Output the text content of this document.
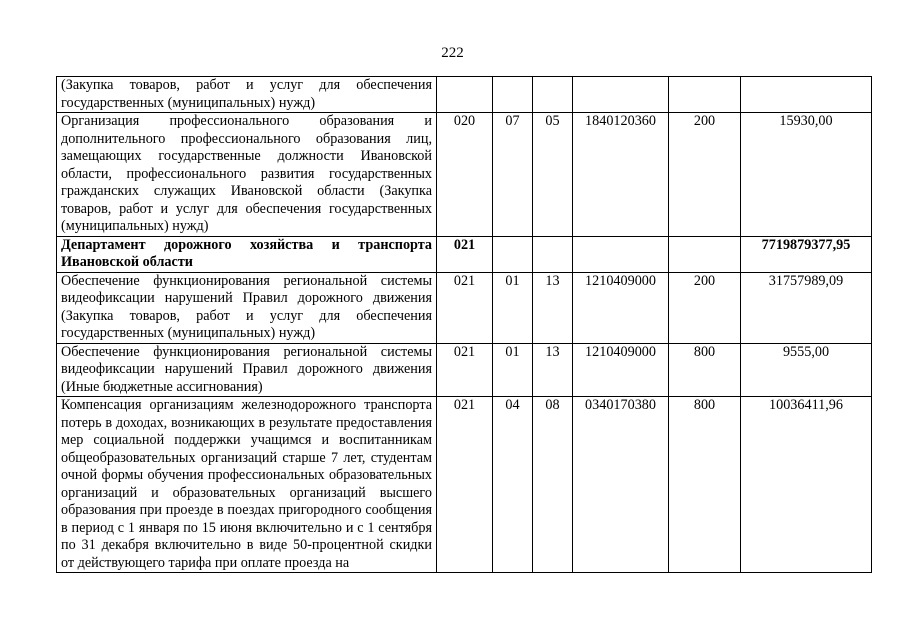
222
(Закупка товаров, работ и услуг для обеспечения государственных (муниципальных) нужд)						
Организация профессионального образования и дополнительного профессионального образования лиц, замещающих государственные должности Ивановской области, профессионального развития государственных гражданских служащих Ивановской области (Закупка товаров, работ и услуг для обеспечения государственных (муниципальных) нужд)	020	07	05	1840120360	200	15930,00
Департамент дорожного хозяйства и транспорта Ивановской области	021					7719879377,95
Обеспечение функционирования региональной системы видеофиксации нарушений Правил дорожного движения (Закупка товаров, работ и услуг для обеспечения государственных (муниципальных) нужд)	021	01	13	1210409000	200	31757989,09
Обеспечение функционирования региональной системы видеофиксации нарушений Правил дорожного движения (Иные бюджетные ассигнования)	021	01	13	1210409000	800	9555,00
Компенсация организациям железнодорожного транспорта потерь в доходах, возникающих в результате предоставления мер социальной поддержки учащимся и воспитанникам общеобразовательных организаций старше 7 лет, студентам очной формы обучения профессиональных образовательных организаций и образовательных организаций высшего образования при проезде в поездах пригородного сообщения в период с 1 января по 15 июня включительно и с 1 сентября по 31 декабря включительно в виде 50-процентной скидки от действующего тарифа при оплате проезда на	021	04	08	0340170380	800	10036411,96
